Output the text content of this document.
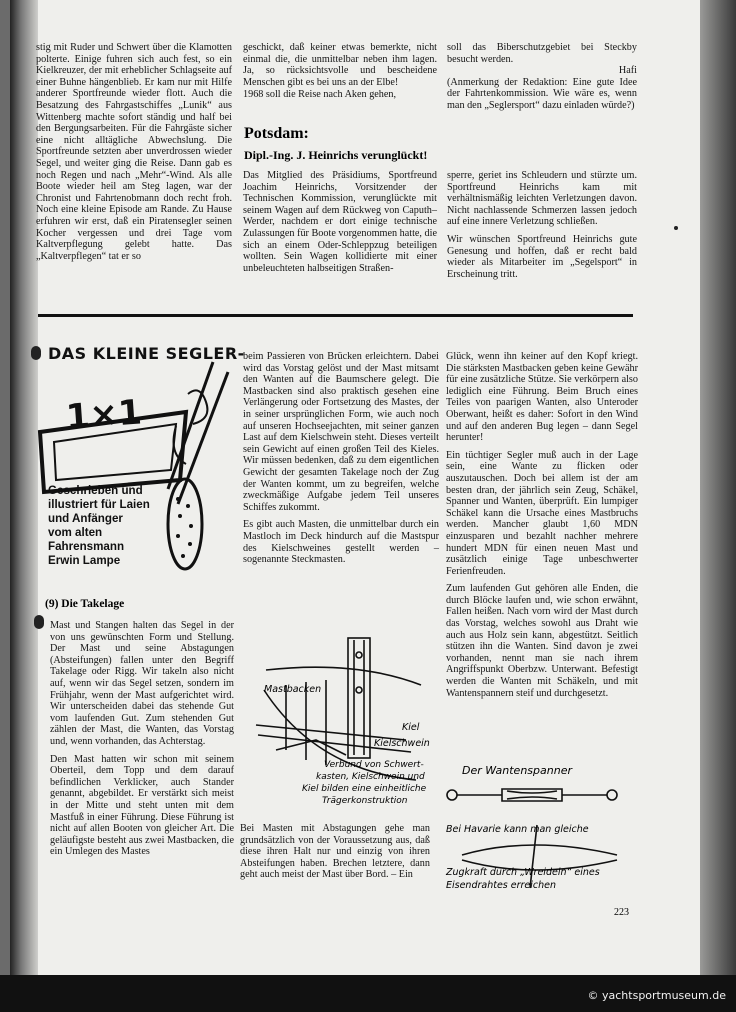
stig mit Ruder und Schwert über die Klamotten polterte. Einige fuhren sich auch fest, so ein Kielkreuzer, der mit erheblicher Schlagseite auf einer Buhne hängenblieb. Er kam nur mit Hilfe anderer Sportfreunde wieder flott. Auch die Besatzung des Fahrgastschiffes „Lunik“ aus Wittenberg machte sofort ständig und half bei den Bergungsarbeiten. Für die Fahrgäste sicher eine nicht alltägliche Abwechslung. Die Sportfreunde setzten aber unverdrossen wieder Segel, und weiter ging die Reise. Dann gab es noch Regen und nach „Mehr“-Wind. Als alle Boote wieder heil am Steg lagen, war der Chronist und Fahrtenobmann doch recht froh. Noch eine kleine Episode am Rande. Zu Hause erfuhren wir erst, daß ein Piratensegler seinen Kocher vergessen und drei Tage vom Kaltverpflegung gelebt hatte. Das „Kaltverpflegen“ tat er so

geschickt, daß keiner etwas bemerkte, nicht einmal die, die unmittelbar neben ihm lagen. Ja, so rücksichtsvolle und bescheidene Menschen gibt es bei uns an der Elbe!

1968 soll die Reise nach Aken gehen,

soll das Biberschutzgebiet bei Steckby besucht werden.

Hafi

(Anmerkung der Redaktion: Eine gute Idee der Fahrtenkommission. Wie wäre es, wenn man den „Seglersport“ dazu einladen würde?)

Potsdam:
Dipl.-Ing. J. Heinrichs verunglückt!

Das Mitglied des Präsidiums, Sportfreund Joachim Heinrichs, Vorsitzender der Technischen Kommission, verunglückte mit seinem Wagen auf dem Rückweg von Caputh–Werder, nachdem er dort einige technische Zulassungen für Boote vorgenommen hatte, die sich an einem Oder-Schleppzug beteiligen wollten. Sein Wagen kollidierte mit einer unbeleuchteten halbseitigen Straßen-

sperre, geriet ins Schleudern und stürzte um. Sportfreund Heinrichs kam mit verhältnismäßig leichten Verletzungen davon. Nicht nachlassende Schmerzen lassen jedoch auf eine innere Verletzung schließen.

Wir wünschen Sportfreund Heinrichs gute Genesung und hoffen, daß er recht bald wieder als Mitarbeiter im „Segelsport“ in Erscheinung tritt.

DAS KLEINE SEGLER-
1×1
Geschrieben und
illustriert für Laien
und Anfänger
vom alten
Fahrensmann
Erwin Lampe
(9) Die Takelage

Mast und Stangen halten das Segel in der von uns gewünschten Form und Stellung. Der Mast und seine Abstagungen (Absteifungen) fallen unter den Begriff Takelage oder Rigg. Wir takeln also nicht auf, wenn wir das Segel setzen, sondern im Frühjahr, wenn der Mast aufgerichtet wird. Wir unterscheiden dabei das stehende Gut vom laufenden Gut. Zum stehenden Gut zählen der Mast, die Wanten, das Vorstag und, wenn vorhanden, das Achterstag.

Den Mast hatten wir schon mit seinem Oberteil, dem Topp und dem darauf befindlichen Verklicker, auch Stander genannt, abgebildet. Er verstärkt sich meist in der Mitte und steht unten mit dem Mastfuß in einer Führung. Diese Führung ist nicht auf allen Booten von gleicher Art. Die geläufigste besteht aus zwei Mastbacken, die ein Umlegen des Mastes

beim Passieren von Brücken erleichtern. Dabei wird das Vorstag gelöst und der Mast mitsamt den Wanten auf die Baumschere gelegt. Die Mastbacken sind also praktisch gesehen eine Verlängerung oder Fortsetzung des Mastes, der in seiner ursprünglichen Form, wie auch noch auf unseren Hochseejachten, mit seiner ganzen Last auf dem Kielschwein steht. Dieses verteilt sein Gewicht auf einen großen Teil des Kieles. Wir müssen bedenken, daß zu dem eigentlichen Gewicht der gesamten Takelage noch der Zug der Wanten kommt, um zu begreifen, welche zweckmäßige Aufgabe jedem Teil unseres Schiffes zukommt.

Es gibt auch Masten, die unmittelbar durch ein Mastloch im Deck hindurch auf die Mastspur des Kielschweines gestellt werden – sogenannte Steckmasten.

Mastbacken
Kiel
Kielschwein
Verbund von Schwert-
kasten, Kielschwein und
Kiel bilden eine einheitliche
Trägerkonstruktion

Bei Masten mit Abstagungen gehe man grundsätzlich von der Voraussetzung aus, daß diese ihren Halt nur und einzig von ihren Absteifungen haben. Brechen letztere, dann geht auch meist der Mast über Bord. – Ein

Glück, wenn ihn keiner auf den Kopf kriegt. Die stärksten Mastbacken geben keine Gewähr für eine zusätzliche Stütze. Sie verkörpern also lediglich eine Führung. Beim Bruch eines Teiles von paarigen Wanten, also Unteroder Oberwant, heißt es daher: Sofort in den Wind und auf den anderen Bug legen – dann Segel herunter!

Ein tüchtiger Segler muß auch in der Lage sein, eine Wante zu flicken oder auszutauschen. Doch bei allem ist der am besten dran, der jährlich sein Zeug, Schäkel, Spanner und Wanten, überprüft. Ein lumpiger Schäkel kann die Ursache eines Mastbruchs werden. Mancher glaubt 1,60 MDN einzusparen und bezahlt nachher mehrere hundert MDN für einen neuen Mast und zusätzlich einige Tage unbeschwerter Ferienfreuden.

Zum laufenden Gut gehören alle Enden, die durch Blöcke laufen und, wie schon erwähnt, Fallen heißen. Nach vorn wird der Mast durch das Vorstag, welches sowohl aus Draht wie auch aus Holz sein kann, abgestützt. Seitlich stützen ihn die Wanten. Sind davon je zwei vorhanden, nennt man sie nach ihrem Angriffspunkt Oberbzw. Unterwant. Befestigt werden die Wanten mit Schäkeln, und mit Wantenspannern steif und durchgesetzt.

Der Wantenspanner
Bei Havarie kann man gleiche
Zugkraft durch „Wreideln“ eines
Eisendrahtes erreichen
223
© yachtsportmuseum.de
